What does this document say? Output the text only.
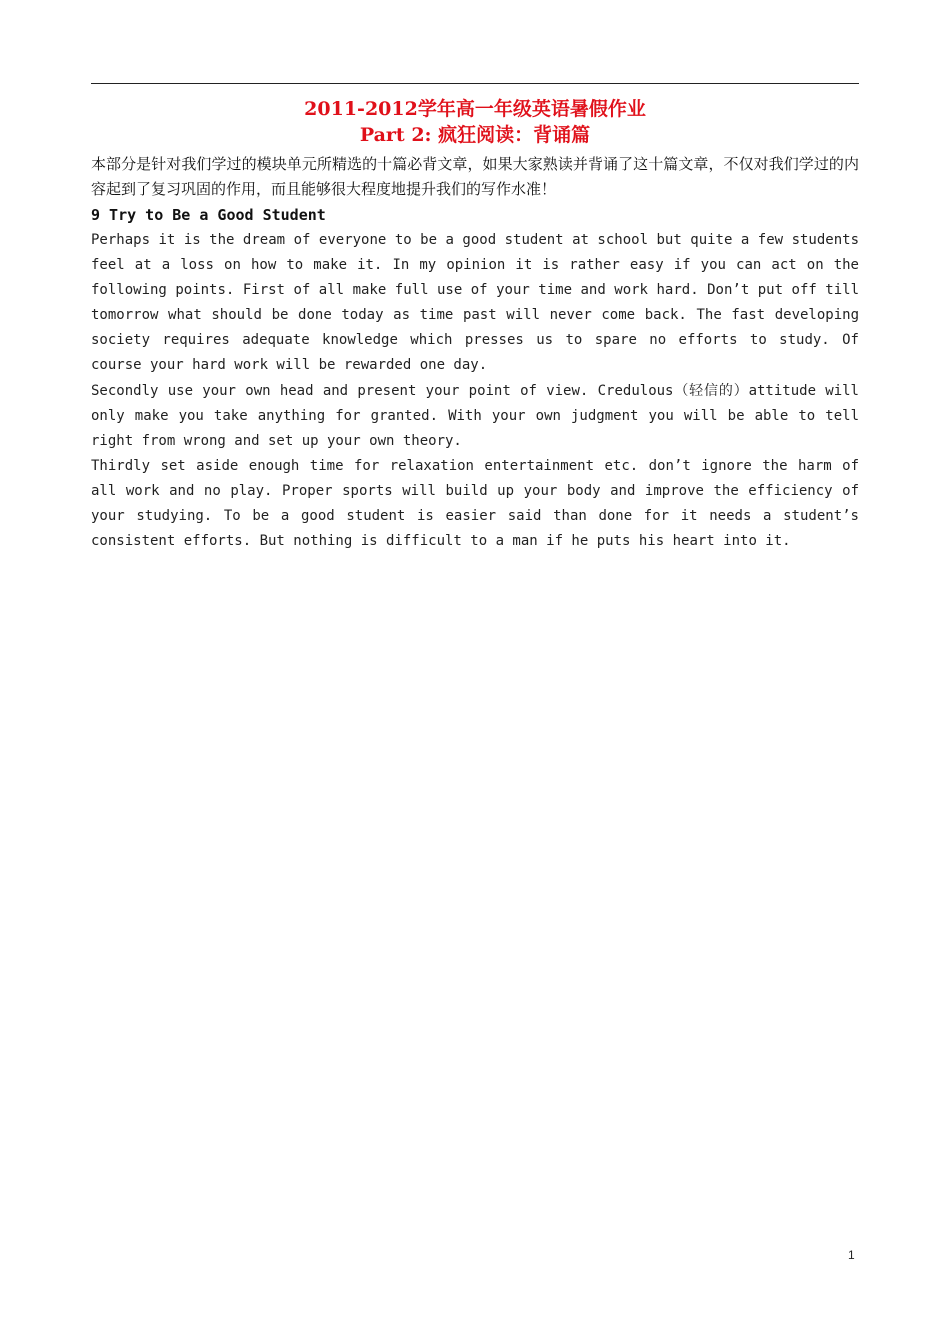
2011-2012学年高一年级英语暑假作业
Part 2: 疯狂阅读：背诵篇
本部分是针对我们学过的模块单元所精选的十篇必背文章，如果大家熟读并背诵了这十篇文章，不仅对我们学过的内容起到了复习巩固的作用，而且能够很大程度地提升我们的写作水准！
9 Try to Be a Good Student

Perhaps it is the dream of everyone to be a good student at school but quite a few students feel at a loss on how to make it. In my opinion it is rather easy if you can act on the following points. First of all make full use of your time and work hard. Don’t put off till tomorrow what should be done today as time past will never come back. The fast developing society requires adequate knowledge which presses us to spare no efforts to study. Of course your hard work will be rewarded one day.

Secondly use your own head and present your point of view. Credulous（轻信的）attitude will only make you take anything for granted. With your own judgment you will be able to tell right from wrong and set up your own theory.

Thirdly set aside enough time for relaxation entertainment etc. don’t ignore the harm of all work and no play. Proper sports will build up your body and improve the efficiency of your studying. To be a good student is easier said than done for it needs a student’s consistent efforts. But nothing is difficult to a man if he puts his heart into it.

1
